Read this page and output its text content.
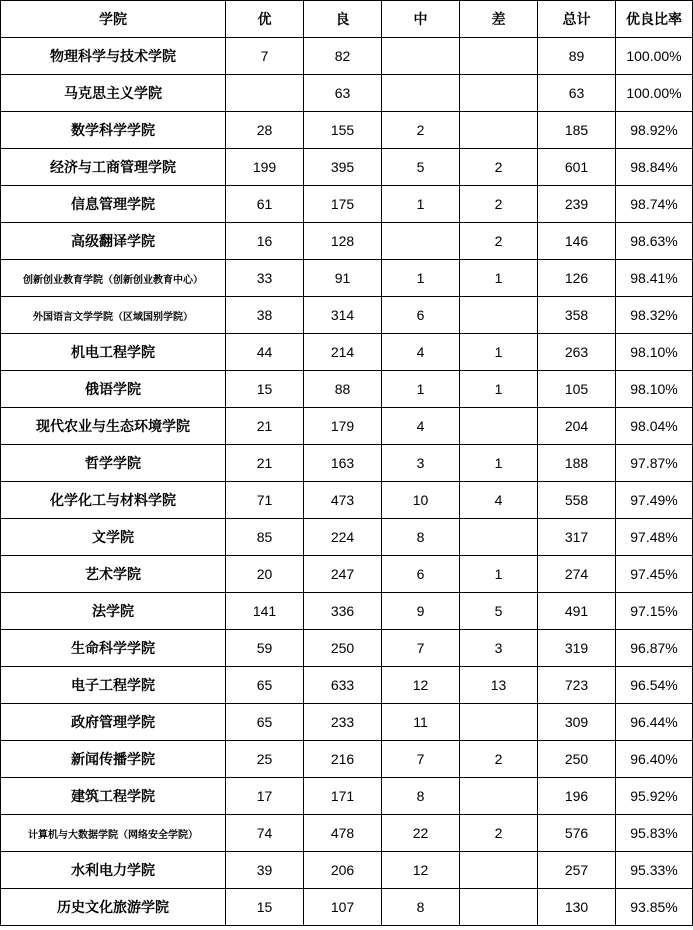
学院	优	良	中	差	总计	优良比率
物理科学与技术学院	7	82			89	100.00%
马克思主义学院		63			63	100.00%
数学科学学院	28	155	2		185	98.92%
经济与工商管理学院	199	395	5	2	601	98.84%
信息管理学院	61	175	1	2	239	98.74%
高级翻译学院	16	128		2	146	98.63%
创新创业教育学院（创新创业教育中心）	33	91	1	1	126	98.41%
外国语言文学学院（区域国别学院）	38	314	6		358	98.32%
机电工程学院	44	214	4	1	263	98.10%
俄语学院	15	88	1	1	105	98.10%
现代农业与生态环境学院	21	179	4		204	98.04%
哲学学院	21	163	3	1	188	97.87%
化学化工与材料学院	71	473	10	4	558	97.49%
文学院	85	224	8		317	97.48%
艺术学院	20	247	6	1	274	97.45%
法学院	141	336	9	5	491	97.15%
生命科学学院	59	250	7	3	319	96.87%
电子工程学院	65	633	12	13	723	96.54%
政府管理学院	65	233	11		309	96.44%
新闻传播学院	25	216	7	2	250	96.40%
建筑工程学院	17	171	8		196	95.92%
计算机与大数据学院（网络安全学院）	74	478	22	2	576	95.83%
水利电力学院	39	206	12		257	95.33%
历史文化旅游学院	15	107	8		130	93.85%
